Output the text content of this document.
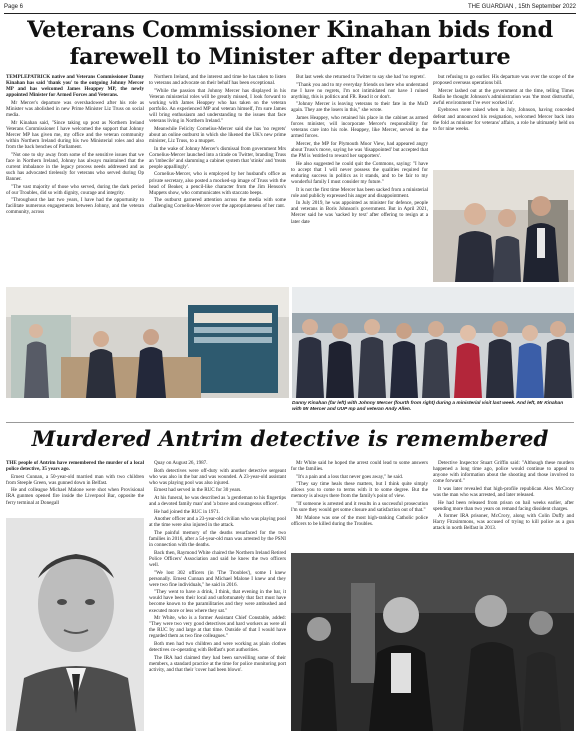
Page 6	THE GUARDIAN , 15th September 2022
Veterans Commissioner Kinahan bids fond farewell to Minister after departure

TEMPLEPATRICK native and Veterans Commissioner Danny Kinahan has said 'thank you' to the outgoing Johnny Mercer MP and has welcomed James Heappey MP, the newly appointed Minister for Armed Forces and Veterans.

Mr Mercer's departure was overshadowed after his role as Minister was abolished in new Prime Minister Liz Truss on social media.

Mr Kinahan said, "Since taking up post as Northern Ireland Veterans Commissioner I have welcomed the support that Johnny Mercer MP has given me, my office and the veteran community within Northern Ireland during his two Ministerial roles and also from the back benches of Parliament.

"Not one to shy away from some of the sensitive issues that we face in Northern Ireland, Johnny has always maintained that the current imbalance in the legacy process needs addressed and as such has advocated tirelessly for veterans who served during Op Banner.

"The vast majority of those who served, during the dark period of our Troubles, did so with dignity, courage and integrity.

"Throughout the last two years, I have had the opportunity to facilitate numerous engagements between Johnny, and the veteran community, across

Northern Ireland, and the interest and time he has taken to listen to veterans and advocate on their behalf has been exceptional.

"While the passion that Johnny Mercer has displayed in his Veteran ministerial roles will be greatly missed, I look forward to working with James Heappey who has taken on the veteran portfolio. An experienced MP and veteran himself, I'm sure James will bring enthusiasm and understanding to the issues that face veterans living in Northern Ireland."

Meanwhile Felicity Cornelius-Mercer said she has 'no regrets' about an online outburst in which she likened the UK's new prime minister, Liz Truss, to a muppet.

In the wake of Johnny Mercer's dismissal from government Mrs Cornelius-Mercer launched into a tirade on Twitter, branding Truss an 'imbecile' and slamming a cabinet system that 'stinks' and 'treats people appallingly'.

Cornelius-Mercer, who is employed by her husband's office as private secretary, also posted a mocked-up image of Truss with the head of Beaker, a pencil-like character from the Jim Henson's Muppets show, who communicates with staccato beeps.

The outburst garnered attention across the media with some challenging Cornelius-Mercer over the appropriateness of her rant.

But last week she returned to Twitter to say she had 'no regrets'.

"Thank you and to my everyday friends on here who understand me I have no regrets, I'm not intimidated nor have I ruined anything, this is politics and FR. Read it or don't.

"Johnny Mercer is leaving veterans to their fate in the MoD again. They are the losers in this," she wrote.

James Heappey, who retained his place in the cabinet as armed forces minister, will incorporate Mercer's responsibility for veterans care into his role. Heappey, like Mercer, served in the armed forces.

Mercer, the MP for Plymouth Moor View, had appeared angry about Truss's move, saying he was 'disappointed' but accepted that the PM is 'entitled to reward her supporters'.

He also suggested he could quit the Commons, saying: "I have to accept that I will never possess the qualities required for enduring success in politics as it stands, and to be fair to my wonderful family I must consider my future."

It is not the first time Mercer has been sacked from a ministerial role and publicly expressed his anger and disappointment.

In July 2019, he was appointed as minister for defence, people and veterans in Boris Johnson's government. But in April 2021, Mercer said he was 'sacked by text' after offering to resign at a later date

but refusing to go earlier. His departure was over the scope of the proposed overseas operations bill.

Mercer lashed out at the government at the time, telling Times Radio he thought Johnson's administration was 'the most distrustful, awful environment I've ever worked in'.

Eyebrows were raised when in July, Johnson, having conceded defeat and announced his resignation, welcomed Mercer back into the fold as minister for veterans' affairs, a role he ultimately held on to for nine weeks.

Danny Kinahan (far left) with Johnny Mercer (fourth from right) during a ministerial visit last week. And left, Mr Kinahan with Mr Mercer and UUP mp and veteran Andy Allen.
Murdered Antrim detective is remembered

THE people of Antrim have remembered the murder of a local police detective, 35 years ago.

Ernest Cunnan, a 50-year-old married man with two children from Steeple Green, was gunned down in Belfast.

He and colleague Michael Malone were shot when Provisional IRA gunmen opened fire inside the Liverpool Bar, opposite the ferry terminal at Donegall

Quay on August 26, 1987.

Both detectives were off-duty with another detective sergeant who was also in the bar and was wounded. A 23-year-old assistant who was playing pool was also injured.

Ernest had served in the RUC for 30 years.

At his funeral, he was described as 'a gentleman to his fingertips and a devoted family man' and 'a brave and courageous officer'.

He had joined the RUC in 1971.

Another officer and a 23-year-old civilian who was playing pool at the time were also injured in the attack.

The painful memory of the deaths resurfaced for the two families in 2016, after a 54-year-old man was arrested by the PSNI in connection with the deaths.

Back then, Raymond White chaired the Northern Ireland Retired Police Officers' Association and said he knew the two officers well.

"We lost 302 officers (in 'The Troubles'), some I knew personally. Ernest Cunnan and Michael Malone I knew and they were two fine individuals," he said in 2016.

"They went to have a drink, I think, that evening in the bar, it would have been their local and unfortunately that fact must have become known to the paramilitaries and they were ambushed and executed more or less where they sat."

Mr White, who is a former Assistant Chief Constable, added: "They were two very good detectives and hard workers as were all the RUC by and large at that time. Outside of that I would have regarded them as two fine colleagues."

Both men had two children and were working as plain clothes detectives co-operating with Belfast's port authorities.

The IRA had claimed they had been surveilling some of their members, a standard practice at the time for police monitoring port activity, and that their 'cover had been blown'.

Mr White said he hoped the arrest could lead to some answers for the families.

"It's a pain and a loss that never goes away," he said.

"They say time heals these matters, but I think quite simply allows you to come to terms with it to some degree. But the memory is always there from the family's point of view.

"If someone is arrested and it results in a successful prosecution I'm sure they would get some closure and satisfaction out of that."

Mr Malone was one of the most high-ranking Catholic police officers to be killed during the Troubles.

Detective Inspector Stuart Griffin said: "Although these murders happened a long time ago, police would continue to appeal to anyone with information about the shooting and those involved to come forward."

It was later revealed that high-profile republican Alex McCrory was the man who was arrested, and later released.

He had been released from prison on bail weeks earlier, after spending more than two years on remand facing dissident charges.

A former IRA prisoner, McCrory, along with Colin Duffy and Harry Fitzsimmons, was accused of trying to kill police as a gun attack in north Belfast in 2013.
